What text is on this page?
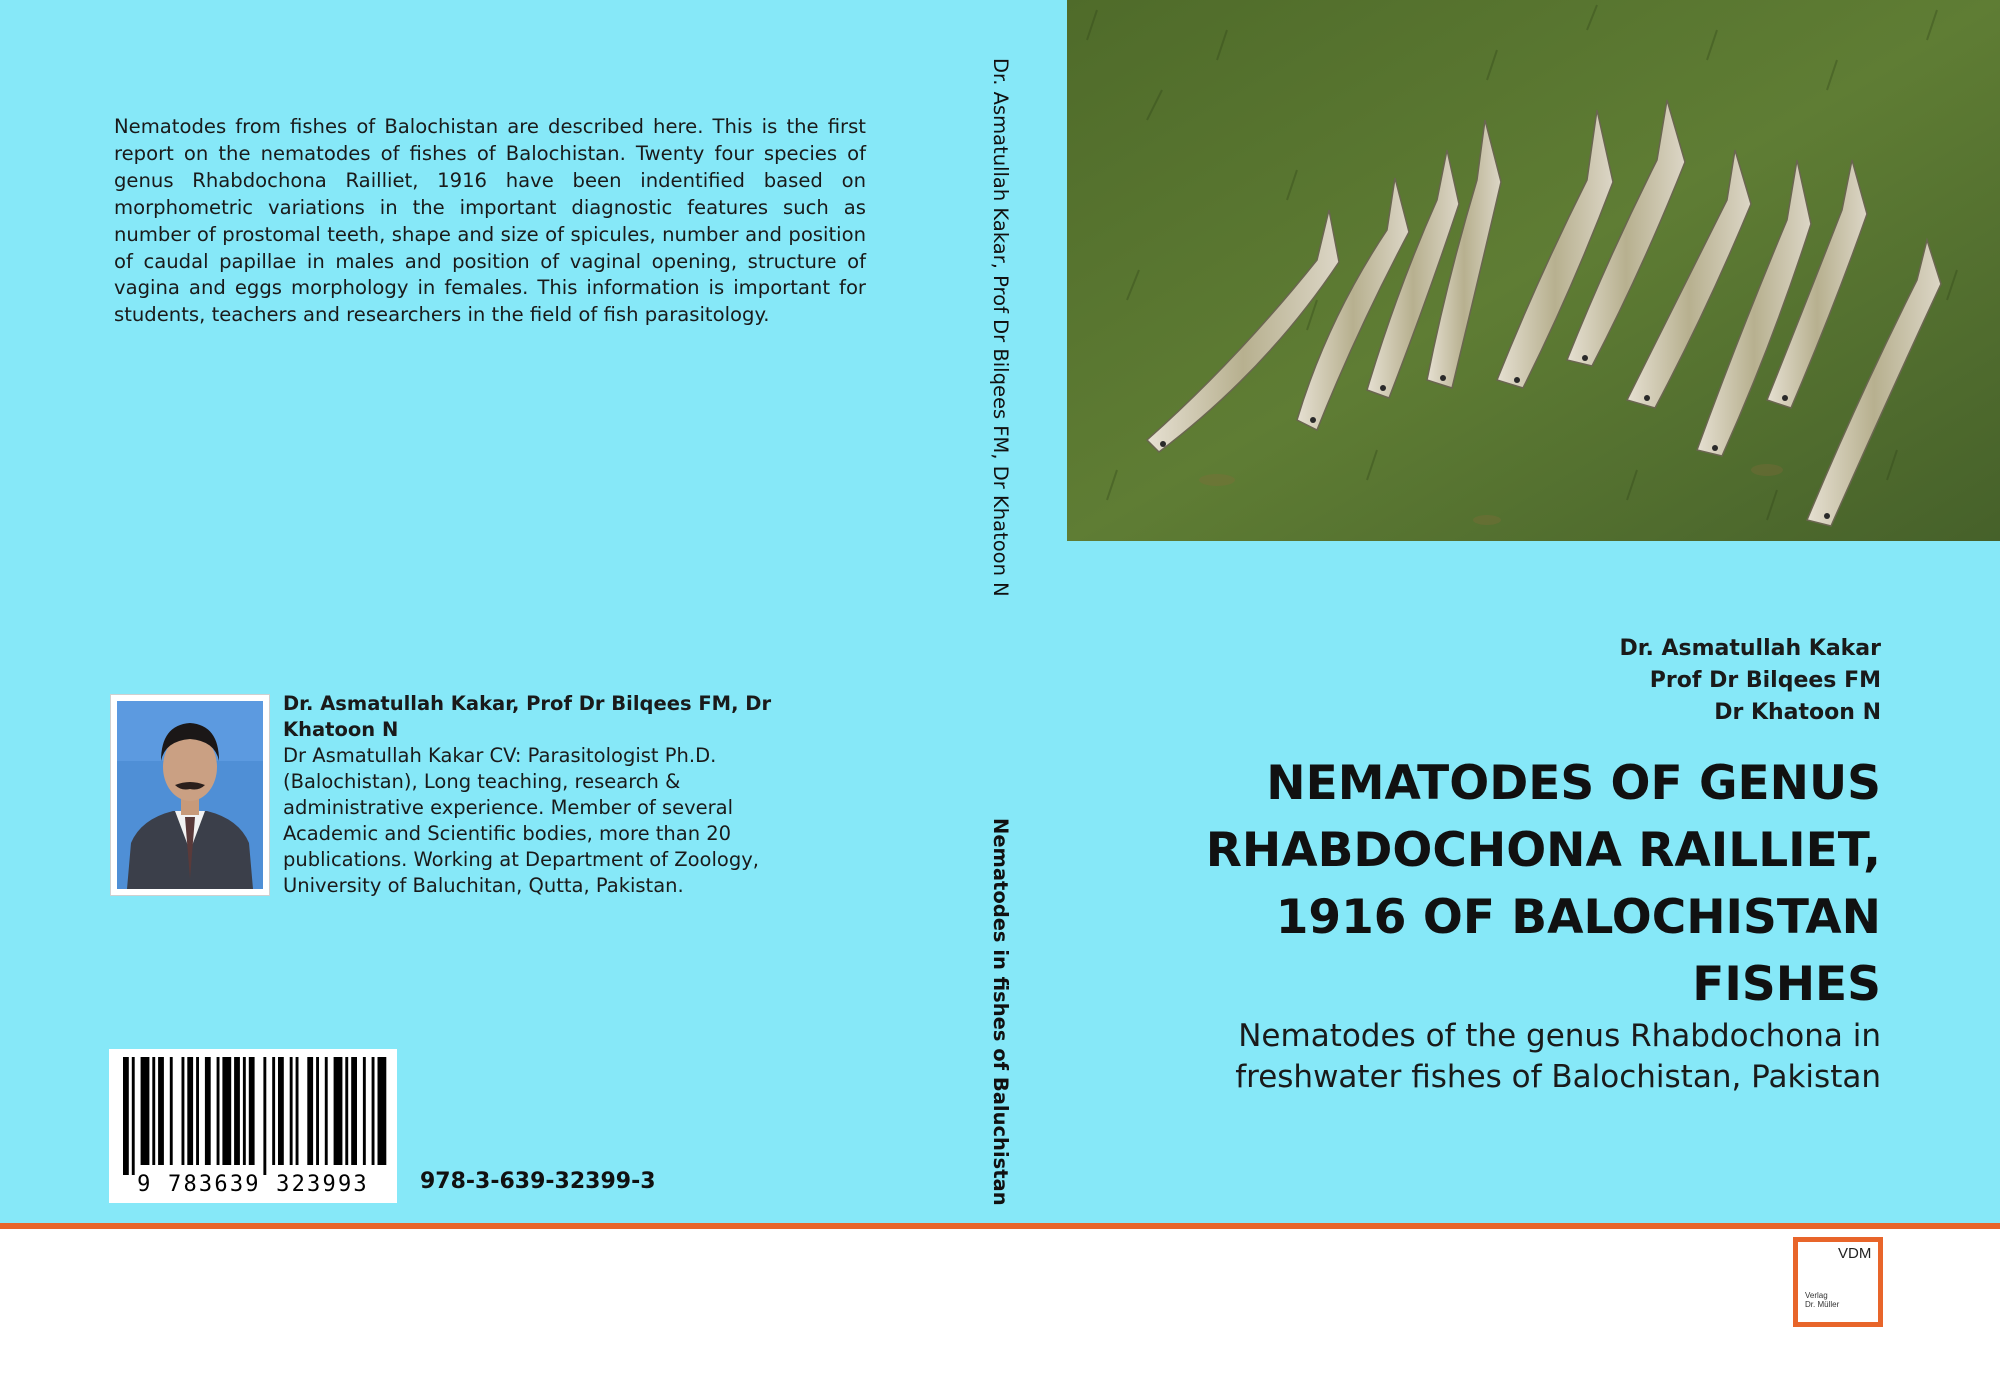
Nematodes from fishes of Balochistan are described here. This is the first report on the nematodes of fishes of Balochistan. Twenty four species of genus Rhabdochona Railliet, 1916 have been indentified based on morphometric variations in the important diagnostic features such as number of prostomal teeth, shape and size of spicules, number and position of caudal papillae in males and position of vaginal opening, structure of vagina and eggs morphology in females. This information is important for students, teachers and researchers in the field of fish parasitology.
Dr. Asmatullah Kakar, Prof Dr Bilqees FM, Dr Khatoon N
Dr Asmatullah Kakar CV: Parasitologist Ph.D. (Balochistan), Long teaching, research & administrative experience. Member of several Academic and Scientific bodies, more than 20 publications. Working at Department of Zoology, University of Baluchitan, Qutta, Pakistan.
9 783639 323993	978-3-639-32399-3
Dr. Asmatullah Kakar, Prof Dr Bilqees FM, Dr Khatoon N
Nematodes in fishes of Baluchistan
Dr. Asmatullah Kakar
Prof Dr Bilqees FM
Dr Khatoon N
NEMATODES OF GENUS RHABDOCHONA RAILLIET, 1916 OF BALOCHISTAN FISHES
Nematodes of the genus Rhabdochona in freshwater fishes of Balochistan, Pakistan
VDM
Verlag
Dr. Müller
